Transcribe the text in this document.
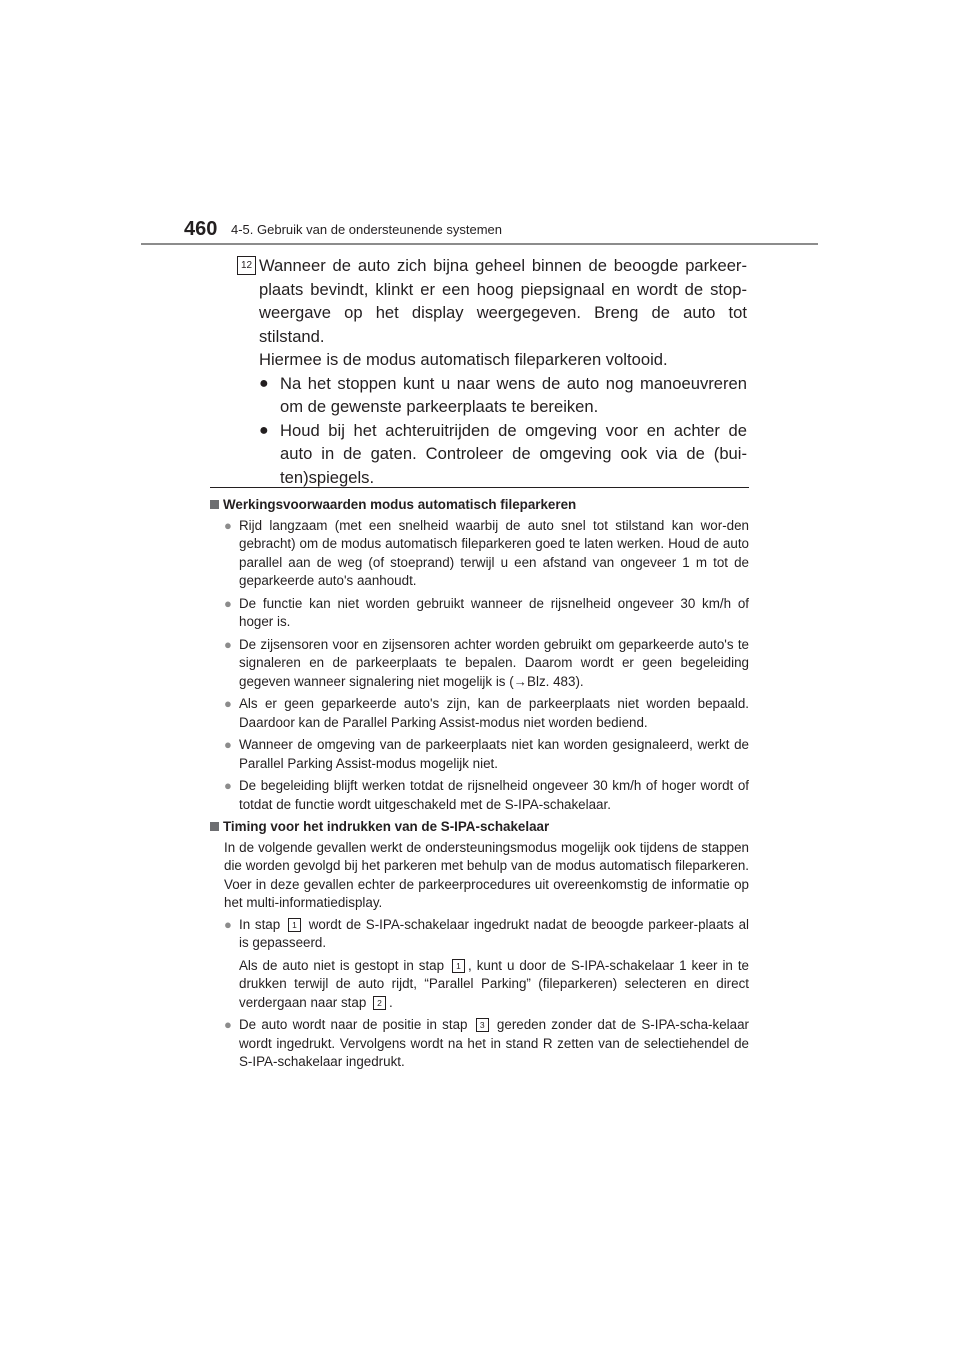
460 4-5. Gebruik van de ondersteunende systemen
12 Wanneer de auto zich bijna geheel binnen de beoogde parkeer-plaats bevindt, klinkt er een hoog piepsignaal en wordt de stop-weergave op het display weergegeven. Breng de auto tot stilstand.
Hiermee is de modus automatisch fileparkeren voltooid.
● Na het stoppen kunt u naar wens de auto nog manoeuvreren om de gewenste parkeerplaats te bereiken.
● Houd bij het achteruitrijden de omgeving voor en achter de auto in de gaten. Controleer de omgeving ook via de (bui-ten)spiegels.
Werkingsvoorwaarden modus automatisch fileparkeren
● Rijd langzaam (met een snelheid waarbij de auto snel tot stilstand kan wor-den gebracht) om de modus automatisch fileparkeren goed te laten werken. Houd de auto parallel aan de weg (of stoeprand) terwijl u een afstand van ongeveer 1 m tot de geparkeerde auto's aanhoudt.
● De functie kan niet worden gebruikt wanneer de rijsnelheid ongeveer 30 km/h of hoger is.
● De zijsensoren voor en zijsensoren achter worden gebruikt om geparkeerde auto's te signaleren en de parkeerplaats te bepalen. Daarom wordt er geen begeleiding gegeven wanneer signalering niet mogelijk is (→Blz. 483).
● Als er geen geparkeerde auto's zijn, kan de parkeerplaats niet worden bepaald. Daardoor kan de Parallel Parking Assist-modus niet worden bediend.
● Wanneer de omgeving van de parkeerplaats niet kan worden gesignaleerd, werkt de Parallel Parking Assist-modus mogelijk niet.
● De begeleiding blijft werken totdat de rijsnelheid ongeveer 30 km/h of hoger wordt of totdat de functie wordt uitgeschakeld met de S-IPA-schakelaar.
Timing voor het indrukken van de S-IPA-schakelaar
In de volgende gevallen werkt de ondersteuningsmodus mogelijk ook tijdens de stappen die worden gevolgd bij het parkeren met behulp van de modus automatisch fileparkeren. Voer in deze gevallen echter de parkeerprocedures uit overeenkomstig de informatie op het multi-informatiedisplay.
● In stap 1 wordt de S-IPA-schakelaar ingedrukt nadat de beoogde parkeer-plaats al is gepasseerd.
Als de auto niet is gestopt in stap 1 , kunt u door de S-IPA-schakelaar 1 keer in te drukken terwijl de auto rijdt, “Parallel Parking” (fileparkeren) selecteren en direct verdergaan naar stap 2 .
● De auto wordt naar de positie in stap 3 gereden zonder dat de S-IPA-scha-kelaar wordt ingedrukt. Vervolgens wordt na het in stand R zetten van de selectiehendel de S-IPA-schakelaar ingedrukt.
